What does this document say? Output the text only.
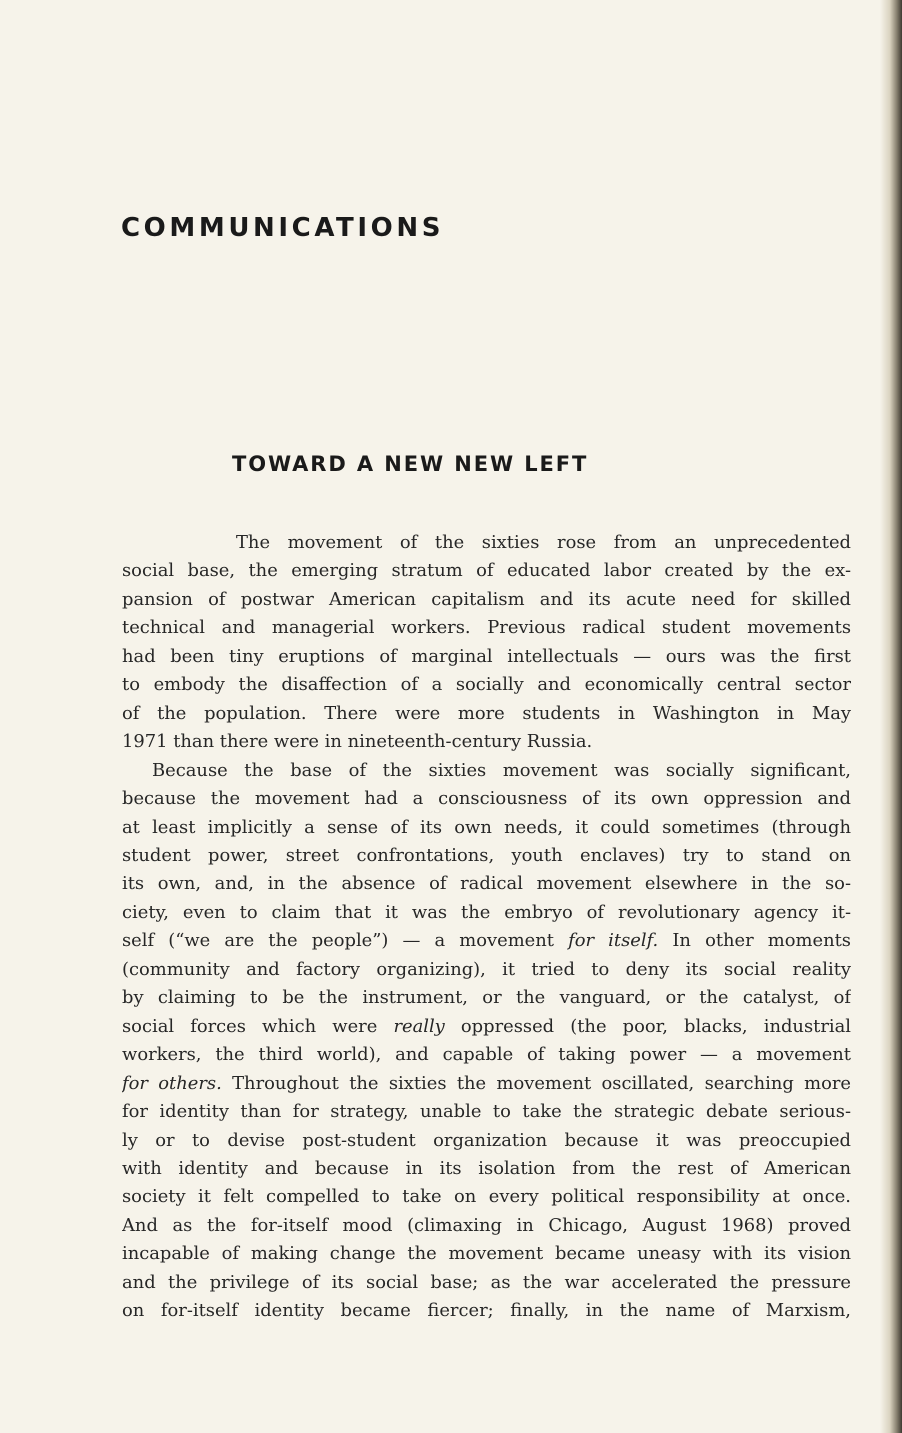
COMMUNICATIONS
TOWARD A NEW NEW LEFT
The movement of the sixties rose from an unprecedented
social base, the emerging stratum of educated labor created by the ex-
pansion of postwar American capitalism and its acute need for skilled
technical and managerial workers. Previous radical student movements
had been tiny eruptions of marginal intellectuals — ours was the first
to embody the disaffection of a socially and economically central sector
of the population. There were more students in Washington in May
1971 than there were in nineteenth-century Russia.
Because the base of the sixties movement was socially significant,
because the movement had a consciousness of its own oppression and
at least implicitly a sense of its own needs, it could sometimes (through
student power, street confrontations, youth enclaves) try to stand on
its own, and, in the absence of radical movement elsewhere in the so-
ciety, even to claim that it was the embryo of revolutionary agency it-
self (“we are the people”) — a movement for itself. In other moments
(community and factory organizing), it tried to deny its social reality
by claiming to be the instrument, or the vanguard, or the catalyst, of
social forces which were really oppressed (the poor, blacks, industrial
workers, the third world), and capable of taking power — a movement
for others. Throughout the sixties the movement oscillated, searching more
for identity than for strategy, unable to take the strategic debate serious-
ly or to devise post-student organization because it was preoccupied
with identity and because in its isolation from the rest of American
society it felt compelled to take on every political responsibility at once.
And as the for-itself mood (climaxing in Chicago, August 1968) proved
incapable of making change the movement became uneasy with its vision
and the privilege of its social base; as the war accelerated the pressure
on for-itself identity became fiercer; finally, in the name of Marxism,
